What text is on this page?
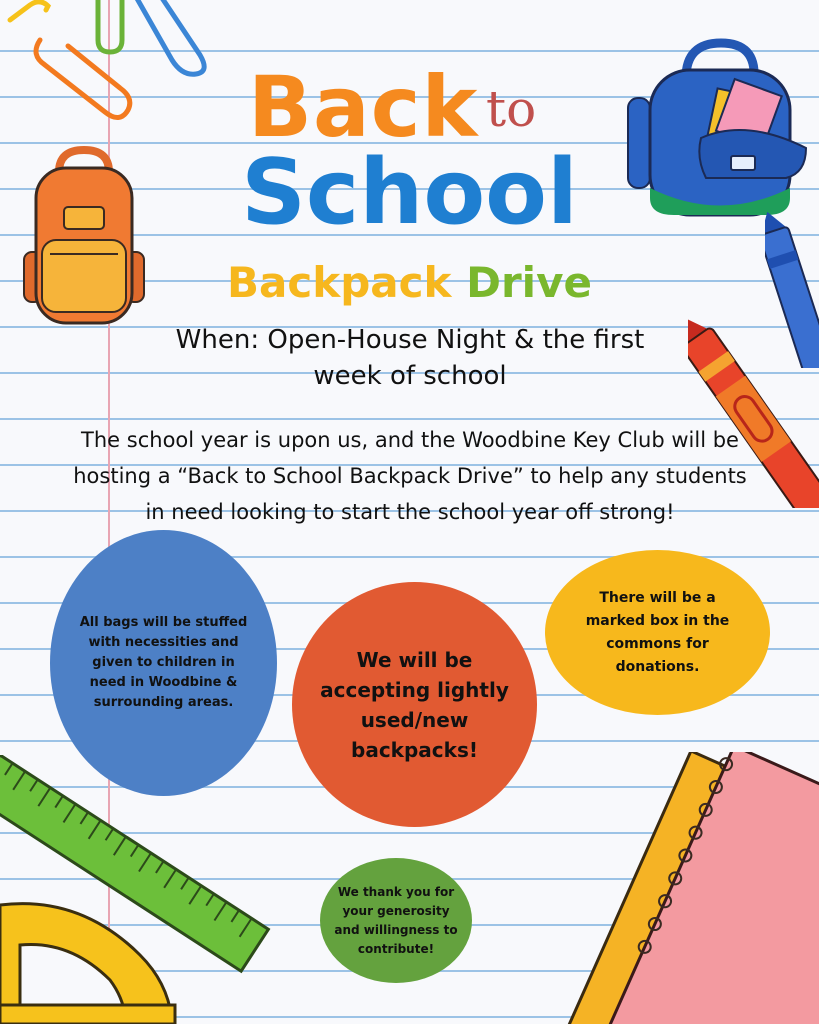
Back to
School
Backpack Drive
When: Open-House Night & the first week of school
The school year is upon us, and the Woodbine Key Club will be hosting a “Back to School Backpack Drive” to help any students in need looking to start the school year off strong!
All bags will be stuffed with necessities and given to children in need in Woodbine & surrounding areas.
We will be accepting lightly used/new backpacks!
There will be a marked box in the commons for donations.
We thank you for your generosity and willingness to contribute!
